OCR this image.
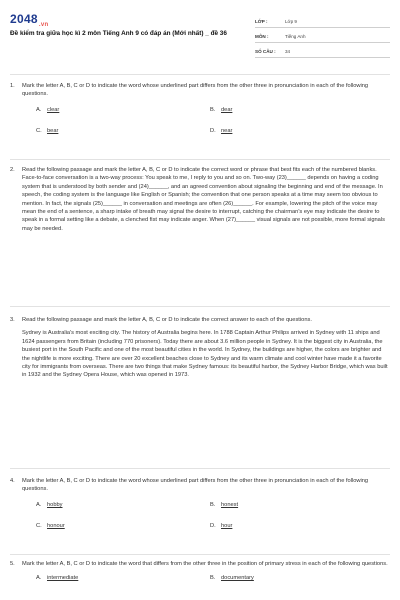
$2048_{.vn}$
Đề kiểm tra giữa học kì 2 môn Tiếng Anh 9 có đáp án (Mới nhất) _ đề 36
LỚP :	Lớp 9
MÔN :	Tiếng Anh
SỐ CÂU :	34
1. Mark the letter A, B, C or D to indicate the word whose underlined part differs from the other three in pronunciation in each of the following questions.
A. clear	B. dear
C. bear	D. near
2. Read the following passage and mark the letter A, B, C or D to indicate the correct word or phrase that best fits each of the numbered blanks. Face-to-face conversation is a two-way process: You speak to me, I reply to you and so on. Two-way (23)______ depends on having a coding system that is understood by both sender and (24)______, and an agreed convention about signaling the beginning and end of the message. In speech, the coding system is the language like English or Spanish; the convention that one person speaks at a time may seem too obvious to mention. In fact, the signals (25)______ in conversation and meetings are often (26)______. For example, lowering the pitch of the voice may mean the end of a sentence, a sharp intake of breath may signal the desire to interrupt, catching the chairman's eye may indicate the desire to speak in a formal setting like a debate, a clenched fist may indicate anger. When (27)______ visual signals are not possible, more formal signals may be needed.
3. Read the following passage and mark the letter A, B, C or D to indicate the correct answer to each of the questions.
Sydney is Australia's most exciting city. The history of Australia begins here. In 1788 Captain Arthur Philips arrived in Sydney with 11 ships and 1624 passengers from Britain (including 770 prisoners). Today there are about 3.6 million people in Sydney. It is the biggest city in Australia, the busiest port in the South Pacific and one of the most beautiful cities in the world. In Sydney, the buildings are higher, the colors are brighter and the nightlife is more exciting. There are over 20 excellent beaches close to Sydney and its warm climate and cool winter have made it a favorite city for immigrants from overseas. There are two things that make Sydney famous: its beautiful harbor, the Sydney Harbor Bridge, which was built in 1932 and the Sydney Opera House, which was opened in 1973.
4. Mark the letter A, B, C or D to indicate the word whose underlined part differs from the other three in pronunciation in each of the following questions.
A. hobby	B. honest
C. honour	D. hour
5. Mark the letter A, B, C or D to indicate the word that differs from the other three in the position of primary stress in each of the following questions.
A. intermediate	B. documentary
